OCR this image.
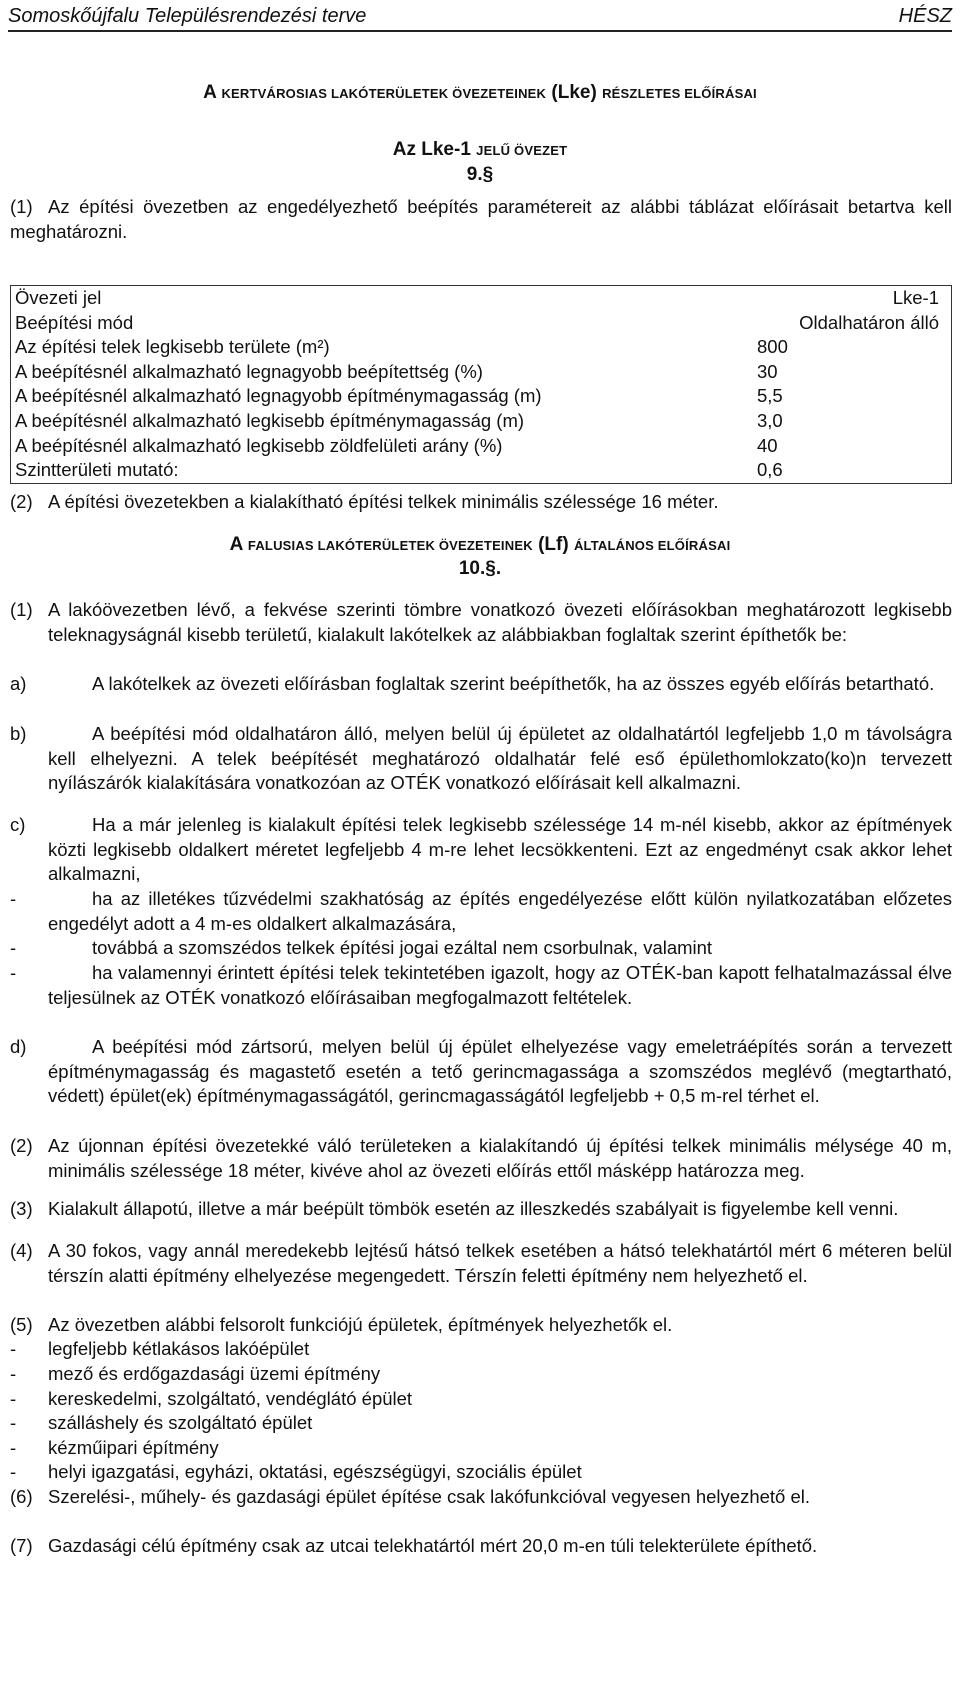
Somoskőújfalu Településrendezési terve	HÉSZ
A KERTVÁROSIAS LAKÓTERÜLETEK ÖVEZETEINEK (Lke) RÉSZLETES ELŐÍRÁSAI
Az Lke-1 JELŰ ÖVEZET
9.§
(1) Az építési övezetben az engedélyezhető beépítés paramétereit az alábbi táblázat előírásait betartva kell meghatározni.
Övezeti jel	Lke-1
Beépítési mód	Oldalhatáron álló
Az építési telek legkisebb területe (m²)	800
A beépítésnél alkalmazható legnagyobb beépítettség (%)	30
A beépítésnél alkalmazható legnagyobb építménymagasság (m)	5,5
A beépítésnél alkalmazható legkisebb építménymagasság (m)	3,0
A beépítésnél alkalmazható legkisebb zöldfelületi arány (%)	40
Szintterületi mutató:	0,6
(2) A építési övezetekben a kialakítható építési telkek minimális szélessége 16 méter.
A FALUSIAS LAKÓTERÜLETEK ÖVEZETEINEK (Lf) ÁLTALÁNOS ELŐÍRÁSAI
10.§.
(1) A lakóövezetben lévő, a fekvése szerinti tömbre vonatkozó övezeti előírásokban meghatározott legkisebb teleknagyságnál kisebb területű, kialakult lakótelkek az alábbiakban foglaltak szerint építhetők be:
a)	A lakótelkek az övezeti előírásban foglaltak szerint beépíthetők, ha az összes egyéb előírás betartható.
b)	A beépítési mód oldalhatáron álló, melyen belül új épületet az oldalhatártól legfeljebb 1,0 m távolságra kell elhelyezni. A telek beépítését meghatározó oldalhatár felé eső épülethomlokzato(ko)n tervezett nyílászárók kialakítására vonatkozóan az OTÉK vonatkozó előírásait kell alkalmazni.
c)	Ha a már jelenleg is kialakult építési telek legkisebb szélessége 14 m-nél kisebb, akkor az építmények közti legkisebb oldalkert méretet legfeljebb 4 m-re lehet lecsökkenteni. Ezt az engedményt csak akkor lehet alkalmazni,
-	ha az illetékes tűzvédelmi szakhatóság az építés engedélyezése előtt külön nyilatkozatában előzetes engedélyt adott a 4 m-es oldalkert alkalmazására,
-	továbbá a szomszédos telkek építési jogai ezáltal nem csorbulnak, valamint
-	ha valamennyi érintett építési telek tekintetében igazolt, hogy az OTÉK-ban kapott felhatalmazással élve teljesülnek az OTÉK vonatkozó előírásaiban megfogalmazott feltételek.
d)	A beépítési mód zártsorú, melyen belül új épület elhelyezése vagy emeletráépítés során a tervezett építménymagasság és magastető esetén a tető gerincmagassága a szomszédos meglévő (megtartható, védett) épület(ek) építménymagasságától, gerincmagasságától legfeljebb + 0,5 m-rel térhet el.
(2) Az újonnan építési övezetekké váló területeken a kialakítandó új építési telkek minimális mélysége 40 m, minimális szélessége 18 méter, kivéve ahol az övezeti előírás ettől másképp határozza meg.
(3) Kialakult állapotú, illetve a már beépült tömbök esetén az illeszkedés szabályait is figyelembe kell venni.
(4) A 30 fokos, vagy annál meredekebb lejtésű hátsó telkek esetében a hátsó telekhatártól mért 6 méteren belül térszín alatti építmény elhelyezése megengedett. Térszín feletti építmény nem helyezhető el.
(5) Az övezetben alábbi felsorolt funkciójú épületek, építmények helyezhetők el.
-	legfeljebb kétlakásos lakóépület
-	mező és erdőgazdasági üzemi építmény
-	kereskedelmi, szolgáltató, vendéglátó épület
-	szálláshely és szolgáltató épület
-	kézműipari építmény
-	helyi igazgatási, egyházi, oktatási, egészségügyi, szociális épület
(6) Szerelési-, műhely- és gazdasági épület építése csak lakófunkcióval vegyesen helyezhető el.
(7) Gazdasági célú építmény csak az utcai telekhatártól mért 20,0 m-en túli telekterülete építhető.
